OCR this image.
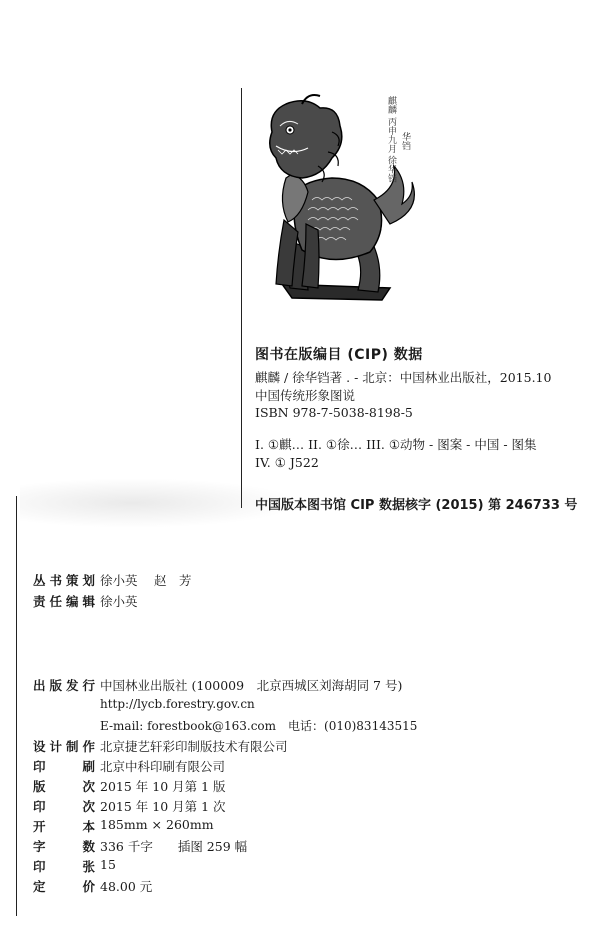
麒麟 丙申九月 徐华铛 华铛
图书在版编目 (CIP) 数据
麒麟 / 徐华铛著 . - 北京：中国林业出版社，2015.10
中国传统形象图说
ISBN 978-7-5038-8198-5
I. ①麒… II. ①徐… III. ①动物 - 图案 - 中国 - 图集
IV. ① J522
中国版本图书馆 CIP 数据核字 (2015) 第 246733 号
丛 书 策 划 徐小英　 赵　芳
责 任 编 辑 徐小英
出 版 发 行 中国林业出版社 (100009　北京西城区刘海胡同 7 号)
http://lycb.forestry.gov.cn
E-mail: forestbook@163.com　电话：(010)83143515
设 计 制 作 北京捷艺轩彩印制版技术有限公司
印	刷 北京中科印刷有限公司
版	次 2015 年 10 月第 1 版
印	次 2015 年 10 月第 1 次
开	本 185mm × 260mm
字	数 336 千字　　插图 259 幅
印	张 15
定	价 48.00 元
